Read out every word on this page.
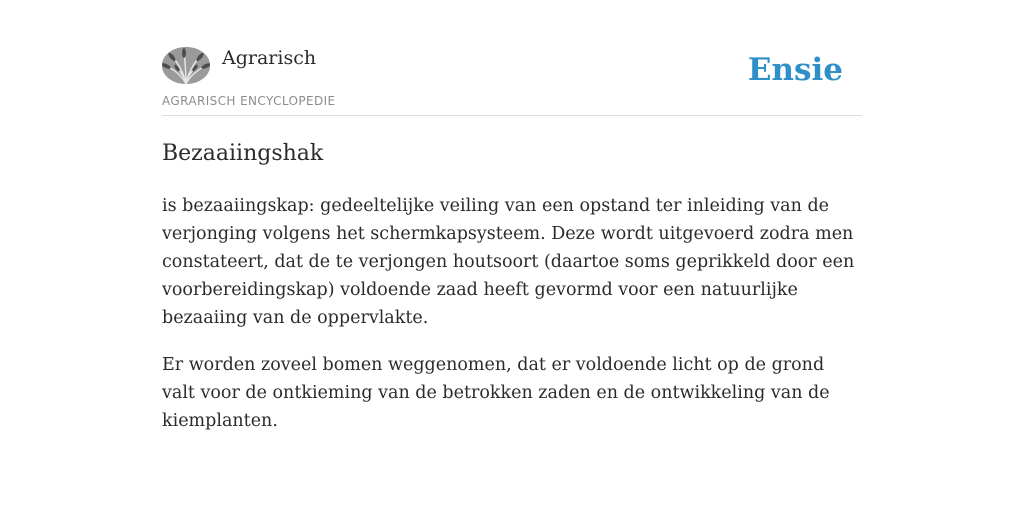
Agrarisch
AGRARISCH ENCYCLOPEDIE
Ensie
Bezaaiingshak

is bezaaiingskap: gedeeltelijke veiling van een opstand ter inleiding van de verjonging volgens het schermkapsysteem. Deze wordt uitgevoerd zodra men constateert, dat de te verjongen houtsoort (daartoe soms geprikkeld door een voorbereidingskap) voldoende zaad heeft gevormd voor een natuurlijke bezaaiing van de oppervlakte.

Er worden zoveel bomen weggenomen, dat er voldoende licht op de grond valt voor de ontkieming van de betrokken zaden en de ontwikkeling van de kiemplanten.
